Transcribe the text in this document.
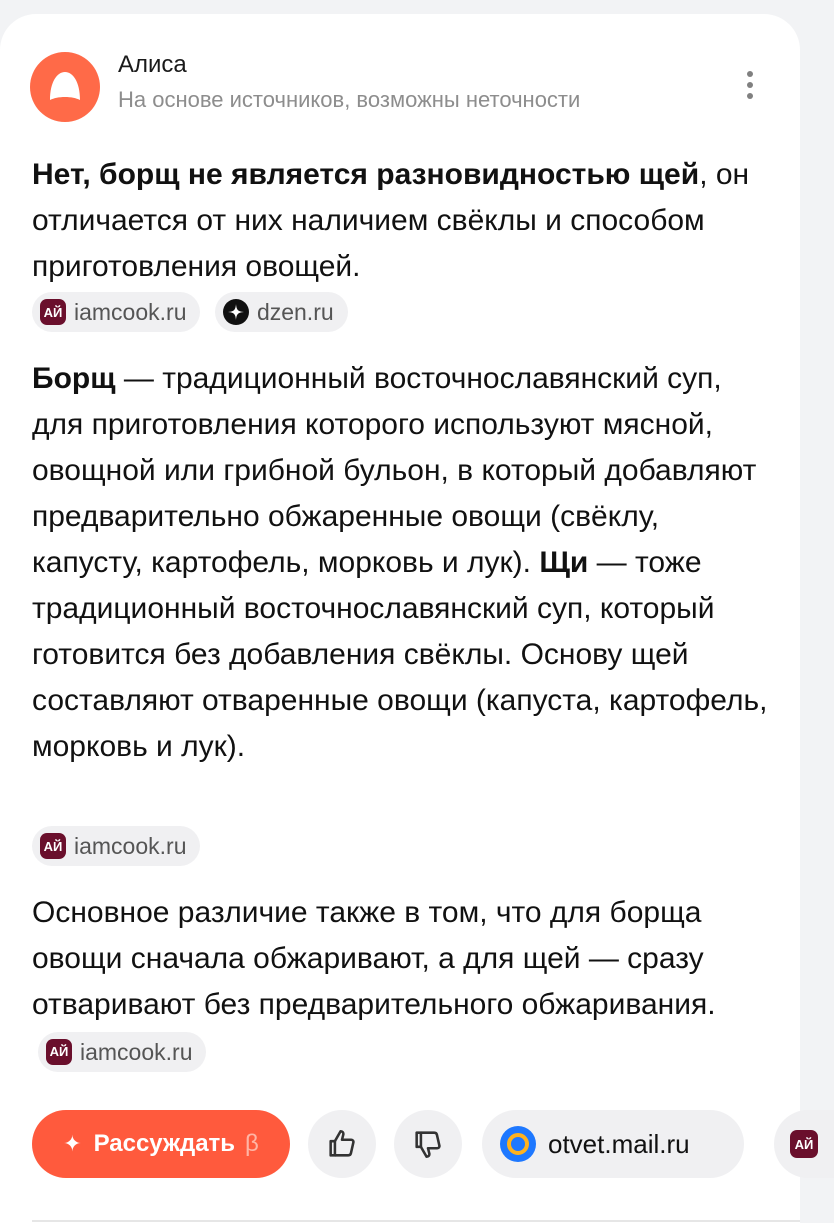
Алиса
На основе источников, возможны неточности
Нет, борщ не является разновидностью щей, он отличается от них наличием свёклы и способом приготовления овощей.
АЙ iamcook.ru
	dzen.ru
Борщ — традиционный восточнославянский суп, для приготовления которого используют мясной, овощной или грибной бульон, в который добавляют предварительно обжаренные овощи (свёклу, капусту, картофель, морковь и лук). Щи — тоже традиционный восточнославянский суп, который готовится без добавления свёклы. Основу щей составляют отваренные овощи (капуста, картофель, морковь и лук).
АЙ iamcook.ru
Основное различие также в том, что для борща овощи сначала обжаривают, а для щей — сразу отваривают без предварительного обжаривания.
АЙ iamcook.ru
✦ Рассуждать β	otvet.mail.ru	АЙ
